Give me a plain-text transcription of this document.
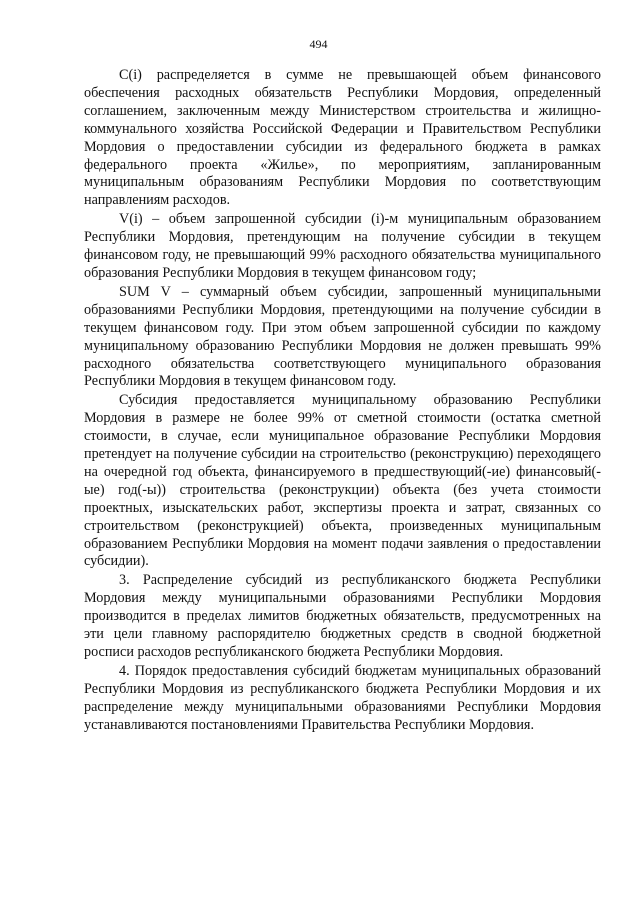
494

C(i) распределяется в сумме не превышающей объем финансового обеспечения расходных обязательств Республики Мордовия, определенный соглашением, заключенным между Министерством строительства и жилищно-коммунального хозяйства Российской Федерации и Правительством Республики Мордовия о предоставлении субсидии из федерального бюджета в рамках федерального проекта «Жилье», по мероприятиям, запланированным муниципальным образованиям Республики Мордовия по соответствующим направлениям расходов.

V(i) – объем запрошенной субсидии (i)-м муниципальным образованием Республики Мордовия, претендующим на получение субсидии в текущем финансовом году, не превышающий 99% расходного обязательства муниципального образования Республики Мордовия в текущем финансовом году;

SUM V – суммарный объем субсидии, запрошенный муниципальными образованиями Республики Мордовия, претендующими на получение субсидии в текущем финансовом году. При этом объем запрошенной субсидии по каждому муниципальному образованию Республики Мордовия не должен превышать 99% расходного обязательства соответствующего муниципального образования Республики Мордовия в текущем финансовом году.

Субсидия предоставляется муниципальному образованию Республики Мордовия в размере не более 99% от сметной стоимости (остатка сметной стоимости, в случае, если муниципальное образование Республики Мордовия претендует на получение субсидии на строительство (реконструкцию) переходящего на очередной год объекта, финансируемого в предшествующий(-ие) финансовый(-ые) год(-ы)) строительства (реконструкции) объекта (без учета стоимости проектных, изыскательских работ, экспертизы проекта и затрат, связанных со строительством (реконструкцией) объекта, произведенных муниципальным образованием Республики Мордовия на момент подачи заявления о предоставлении субсидии).

3. Распределение субсидий из республиканского бюджета Республики Мордовия между муниципальными образованиями Республики Мордовия производится в пределах лимитов бюджетных обязательств, предусмотренных на эти цели главному распорядителю бюджетных средств в сводной бюджетной росписи расходов республиканского бюджета Республики Мордовия.

4. Порядок предоставления субсидий бюджетам муниципальных образований Республики Мордовия из республиканского бюджета Республики Мордовия и их распределение между муниципальными образованиями Республики Мордовия устанавливаются постановлениями Правительства Республики Мордовия.
